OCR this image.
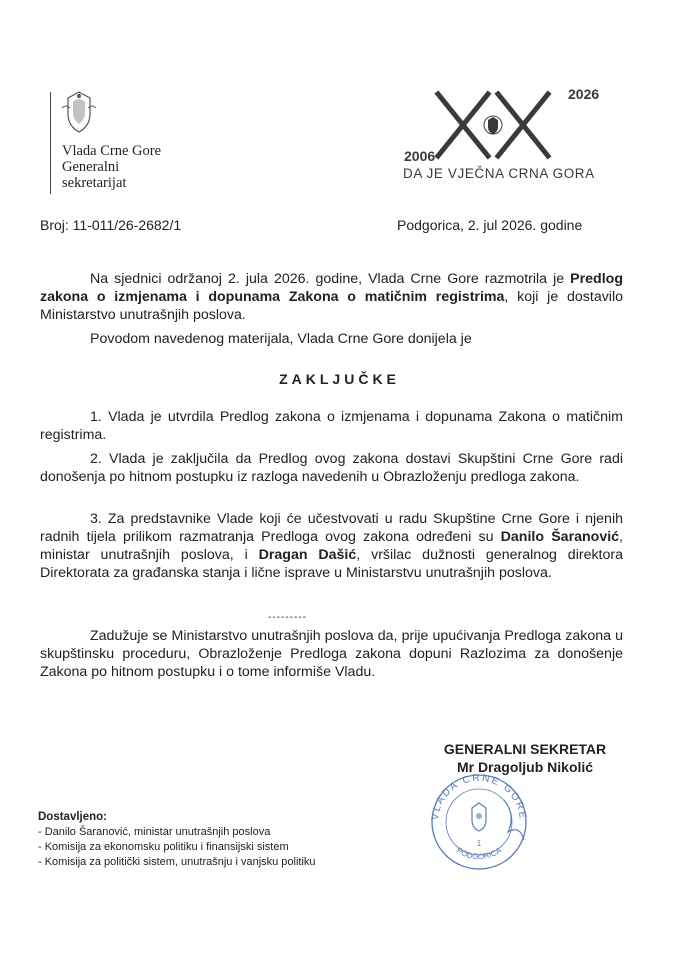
Vlada Crne Gore
Generalni
sekretarijat
2026
2006
DA JE VJEČNA CRNA GORA
Broj: 11-011/26-2682/1	Podgorica, 2. jul 2026. godine
Na sjednici održanoj 2. jula 2026. godine, Vlada Crne Gore razmotrila je Predlog zakona o izmjenama i dopunama Zakona o matičnim registrima, koji je dostavilo Ministarstvo unutrašnjih poslova.
Povodom navedenog materijala, Vlada Crne Gore donijela je
ZAKLJUČKE
1. Vlada je utvrdila Predlog zakona o izmjenama i dopunama Zakona o matičnim registrima.
2. Vlada je zaključila da Predlog ovog zakona dostavi Skupštini Crne Gore radi donošenja po hitnom postupku iz razloga navedenih u Obrazloženju predloga zakona.
3. Za predstavnike Vlade koji će učestvovati u radu Skupštine Crne Gore i njenih radnih tijela prilikom razmatranja Predloga ovog zakona određeni su Danilo Šaranović, ministar unutrašnjih poslova, i Dragan Dašić, vršilac dužnosti generalnog direktora Direktorata za građanska stanja i lične isprave u Ministarstvu unutrašnjih poslova.
---------
Zadužuje se Ministarstvo unutrašnjih poslova da, prije upućivanja Predloga zakona u skupštinsku proceduru, Obrazloženje Predloga zakona dopuni Razlozima za donošenje Zakona po hitnom postupku i o tome informiše Vladu.
GENERALNI SEKRETAR
Mr Dragoljub Nikolić
VLADA CRNE GORE
PODGORICA
1
Dostavljeno:
- Danilo Šaranović, ministar unutrašnjih poslova
- Komisija za ekonomsku politiku i finansijski sistem
- Komisija za politički sistem, unutrašnju i vanjsku politiku
